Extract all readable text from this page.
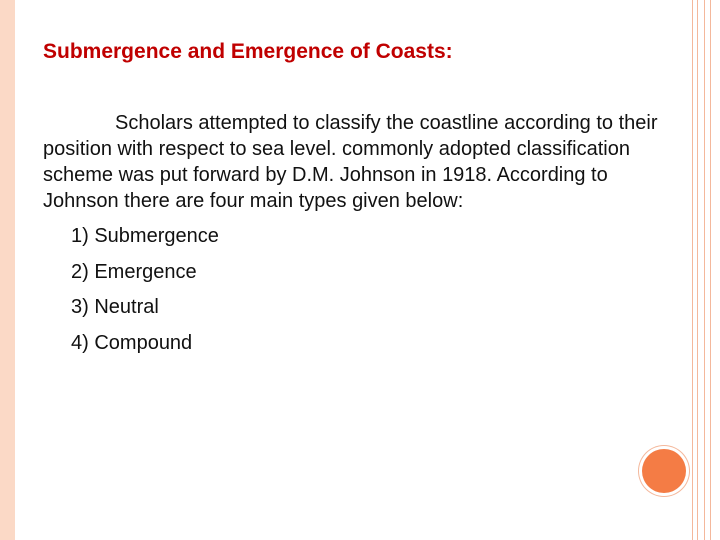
Submergence and Emergence of Coasts:

Scholars attempted to classify the coastline according to their position with respect to sea level. commonly adopted classification scheme was put forward by D.M. Johnson in 1918. According to Johnson there are four main types given below:

1) Submergence
2) Emergence
3) Neutral
4) Compound
